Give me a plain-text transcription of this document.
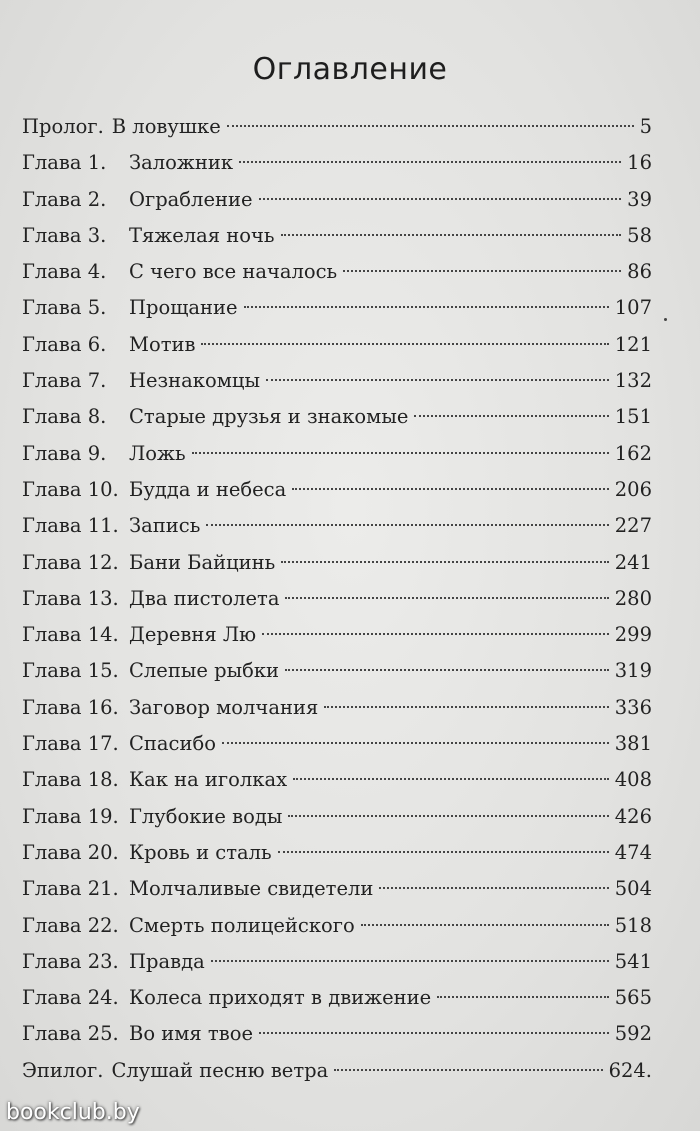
Оглавление
Пролог. В ловушке	5
Глава 1.	Заложник	16
Глава 2.	Ограбление	39
Глава 3.	Тяжелая ночь	58
Глава 4.	С чего все началось	86
Глава 5.	Прощание	107
Глава 6.	Мотив	121
Глава 7.	Незнакомцы	132
Глава 8.	Старые друзья и знакомые	151
Глава 9.	Ложь	162
Глава 10. Будда и небеса	206
Глава 11. Запись	227
Глава 12. Бани Байцинь	241
Глава 13. Два пистолета	280
Глава 14. Деревня Лю	299
Глава 15. Слепые рыбки	319
Глава 16. Заговор молчания	336
Глава 17. Спасибо	381
Глава 18. Как на иголках	408
Глава 19. Глубокие воды	426
Глава 20. Кровь и сталь	474
Глава 21. Молчаливые свидетели	504
Глава 22. Смерть полицейского	518
Глава 23. Правда	541
Глава 24. Колеса приходят в движение	565
Глава 25. Во имя твое	592
Эпилог. Слушай песню ветра	624.
bookclub.by
